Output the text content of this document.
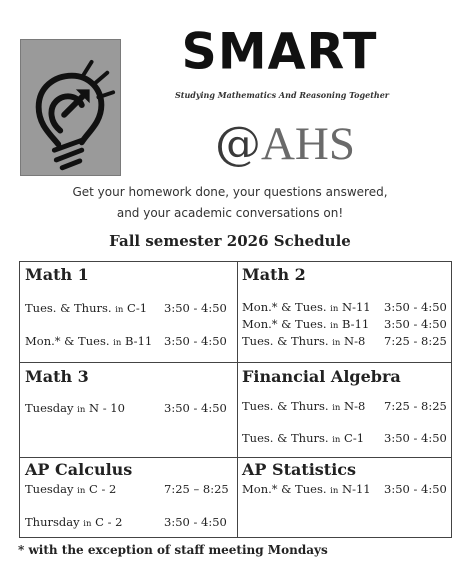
SMART
Studying Mathematics And Reasoning Together
@AHS
Get your homework done, your questions answered,
and your academic conversations on!
Fall semester 2026 Schedule
Math 1
Tues. & Thurs. in C-1 3:50 - 4:50
Mon.* & Tues. in B-11 3:50 - 4:50
Math 2
Mon.* & Tues. in N-11 3:50 - 4:50
Mon.* & Tues. in B-11 3:50 - 4:50
Tues. & Thurs. in N-8 7:25 - 8:25
Math 3
Tuesday in N - 10	3:50 - 4:50
Financial Algebra
Tues. & Thurs. in N-8 7:25 - 8:25
Tues. & Thurs. in C-1 3:50 - 4:50
AP Calculus
Tuesday in C - 2	7:25 – 8:25
Thursday in C - 2	3:50 - 4:50
AP Statistics
Mon.* & Tues. in N-11 3:50 - 4:50
* with the exception of staff meeting Mondays
